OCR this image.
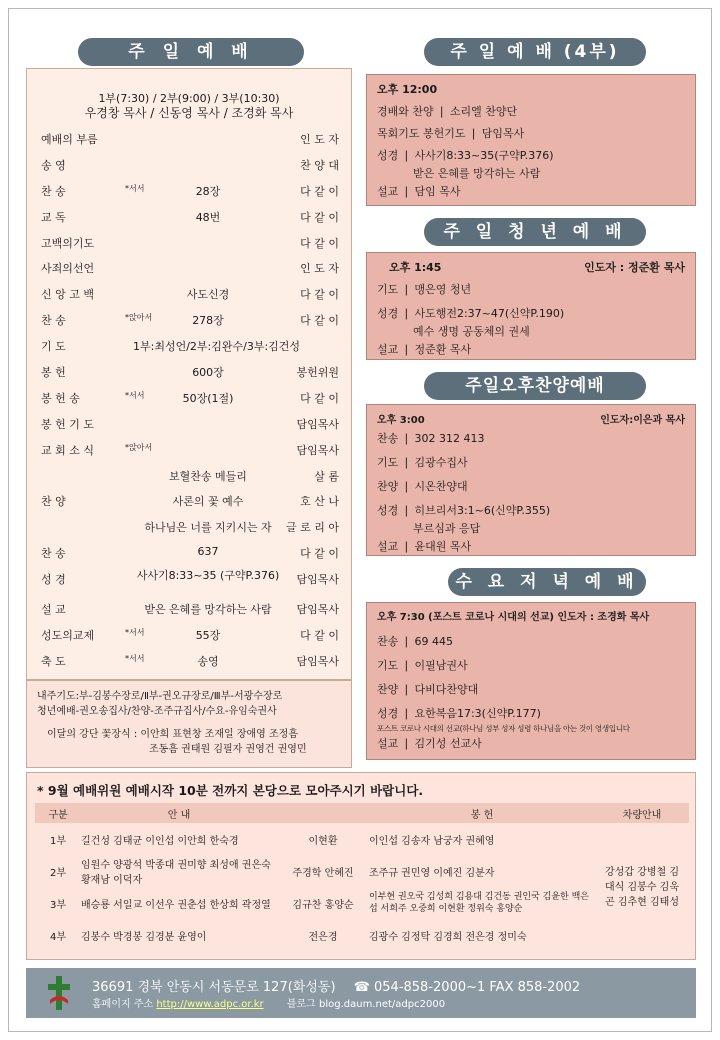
주 일 예 배
1부(7:30) / 2부(9:00) / 3부(10:30)
우경창 목사 / 신동영 목사 / 조경화 목사
예배의 부름	인 도 자
송 영	찬 양 대
찬 송	*서서	28장	다 같 이
교 독	48번	다 같 이
고백의기도	다 같 이
사죄의선언	인 도 자
신 앙 고 백	사도신경	다 같 이
찬 송	*앉아서	278장	다 같 이
기 도	1부:최성언/2부:김완수/3부:김건성
봉 헌	600장	봉헌위원
봉 헌 송	*서서	50장(1절)	다 같 이
봉 헌 기 도	담임목사
교 회 소 식	*앉아서	담임목사
보혈찬송 메들리	살 롬
찬 양	사론의 꽃 예수	호 산 나
하나님은 너를 지키시는 자	글 로 리 아
찬 송	637	다 같 이
성 경	사사기8:33~35 (구약P.376)	담임목사
설 교	받은 은혜를 망각하는 사람	담임목사
성도의교제	*서서	55장	다 같 이
축 도	*서서	송영	담임목사
내주기도:부-김봉수장로/Ⅱ부-권오규장로/Ⅲ부-서광수장로
청년예배-권오송집사/찬양-조주규집사/수요-유임숙권사
이달의 강단 꽃장식 : 이안희 표현창 조재일 장애영 조정흠
조동흠 권태원 김필자 권영건 권영민
주 일 예 배 (4부)
오후 12:00
경배와 찬양 ❘ 소리엘 찬양단
목회기도 봉헌기도 ❘ 담임목사
성경 ❘ 사사기8:33~35(구약P.376)
받은 은혜를 망각하는 사람
설교 ❘ 담임 목사
주 일 청 년 예 배
오후 1:45	인도자 : 정준환 목사
기도 ❘ 맹은영 청년
성경 ❘ 사도행전2:37~47(신약P.190)
예수 생명 공동체의 권세
설교 ❘ 정준환 목사
주일오후찬양예배
오후 3:00	인도자:이은과 목사
찬송 ❘ 302 312 413
기도 ❘ 김광수집사
찬양 ❘ 시온찬양대
성경 ❘ 히브리서3:1~6(신약P.355)
부르심과 응답
설교 ❘ 윤대원 목사
수 요 저 녁 예 배
오후 7:30 (포스트 코로나 시대의 선교) 인도자 : 조경화 목사
찬송 ❘ 69 445
기도 ❘ 이필남권사
찬양 ❘ 다비다찬양대
성경 ❘ 요한복음17:3(신약P.177)
포스트 코로나 시대의 선교(하나님 성부 성자 성령 하나님을 아는 것이 영생입니다
설교 ❘ 김기성 선교사
* 9월 예배위원 예배시작 10분 전까지 본당으로 모아주시기 바랍니다.
구분	안 내		봉 헌	차량안내
1부	길건성 김태균 이인섭 이안희 한숙경	이현환	이인섭 김송자 남궁자 권혜영	강성갑 강병철 김대식 김봉수 김욱곤 김추현 김태성
2부	임원수 양광석 박종대 권미향 최성애 권은숙 황재남 이덕자	주경학 안혜진	조주규 권민영 이예진 김분자	
3부	배승룡 서일교 이선우 권춘섭 한상희 곽정열	김규찬 홍양순	이부현 권오국 김성희 김용대 김건동 권인국 김윤한 백은섭 서희주 오중희 이현환 정위숙 홍양순	
4부	김봉수 박경봉 김경분 윤영이	전은경	김광수 김정탁 김경희 전은경 정미숙	
36691 경북 안동시 서동문로 127(화성동) ☎ 054-858-2000~1 FAX 858-2002
홈페이지 주소 http://www.adpc.or.kr 블로그 blog.daum.net/adpc2000
